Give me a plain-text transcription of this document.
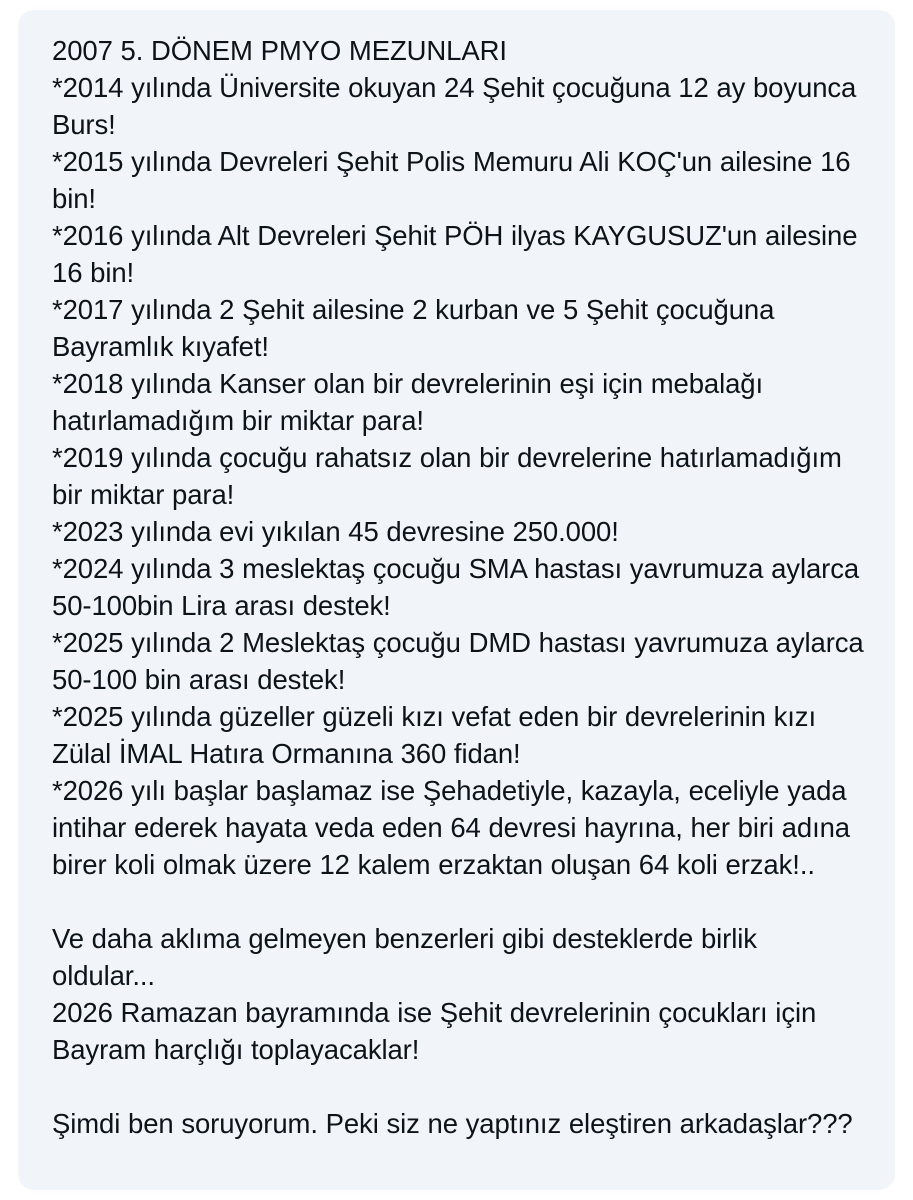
2007 5. DÖNEM PMYO MEZUNLARI

*2014 yılında Üniversite okuyan 24 Şehit çocuğuna 12 ay boyunca Burs!

*2015 yılında Devreleri Şehit Polis Memuru Ali KOÇ'un ailesine 16 bin!

*2016 yılında Alt Devreleri Şehit PÖH ilyas KAYGUSUZ'un ailesine 16 bin!

*2017 yılında 2 Şehit ailesine 2 kurban ve 5 Şehit çocuğuna Bayramlık kıyafet!

*2018 yılında Kanser olan bir devrelerinin eşi için mebalağı hatırlamadığım bir miktar para!

*2019 yılında çocuğu rahatsız olan bir devrelerine hatırlamadığım bir miktar para!

*2023 yılında evi yıkılan 45 devresine 250.000!

*2024 yılında 3 meslektaş çocuğu SMA hastası yavrumuza aylarca 50-100bin Lira arası destek!

*2025 yılında 2 Meslektaş çocuğu DMD hastası yavrumuza aylarca 50-100 bin arası destek!

*2025 yılında güzeller güzeli kızı vefat eden bir devrelerinin kızı Zülal İMAL Hatıra Ormanına 360 fidan!

*2026 yılı başlar başlamaz ise Şehadetiyle, kazayla, eceliyle yada intihar ederek hayata veda eden 64 devresi hayrına, her biri adına birer koli olmak üzere 12 kalem erzaktan oluşan 64 koli erzak!..

Ve daha aklıma gelmeyen benzerleri gibi desteklerde birlik oldular...

2026 Ramazan bayramında ise Şehit devrelerinin çocukları için Bayram harçlığı toplayacaklar!

Şimdi ben soruyorum. Peki siz ne yaptınız eleştiren arkadaşlar???
